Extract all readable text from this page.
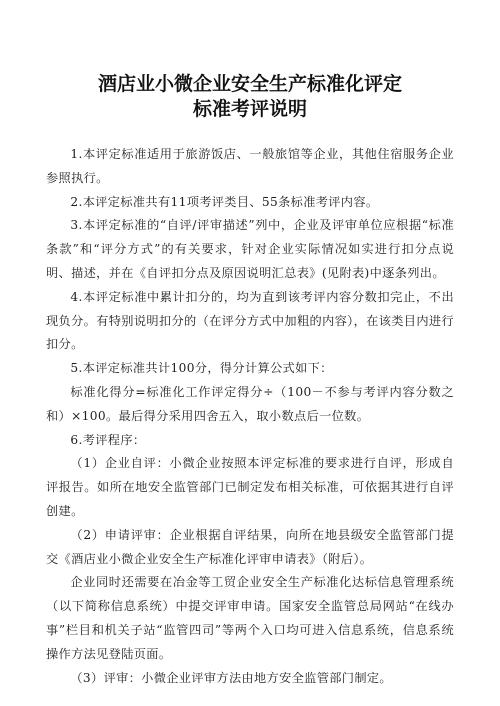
酒店业小微企业安全生产标准化评定
标准考评说明

1.本评定标准适用于旅游饭店、一般旅馆等企业，其他住宿服务企业参照执行。

2.本评定标准共有11项考评类目、55条标准考评内容。

3.本评定标准的“自评/评审描述”列中，企业及评审单位应根据“标准条款”和“评分方式”的有关要求，针对企业实际情况如实进行扣分点说明、描述，并在《自评扣分点及原因说明汇总表》(见附表)中逐条列出。

4.本评定标准中累计扣分的，均为直到该考评内容分数扣完止，不出现负分。有特别说明扣分的（在评分方式中加粗的内容），在该类目内进行扣分。

5.本评定标准共计100分，得分计算公式如下：

标准化得分=标准化工作评定得分÷（100－不参与考评内容分数之和）×100。最后得分采用四舍五入，取小数点后一位数。

6.考评程序：

（1）企业自评：小微企业按照本评定标准的要求进行自评，形成自评报告。如所在地安全监管部门已制定发布相关标准，可依据其进行自评创建。

（2）申请评审：企业根据自评结果，向所在地县级安全监管部门提交《酒店业小微企业安全生产标准化评审申请表》（附后）。

企业同时还需要在冶金等工贸企业安全生产标准化达标信息管理系统（以下简称信息系统）中提交评审申请。国家安全监管总局网站“在线办事”栏目和机关子站“监管四司”等两个入口均可进入信息系统，信息系统操作方法见登陆页面。

（3）评审：小微企业评审方法由地方安全监管部门制定。
